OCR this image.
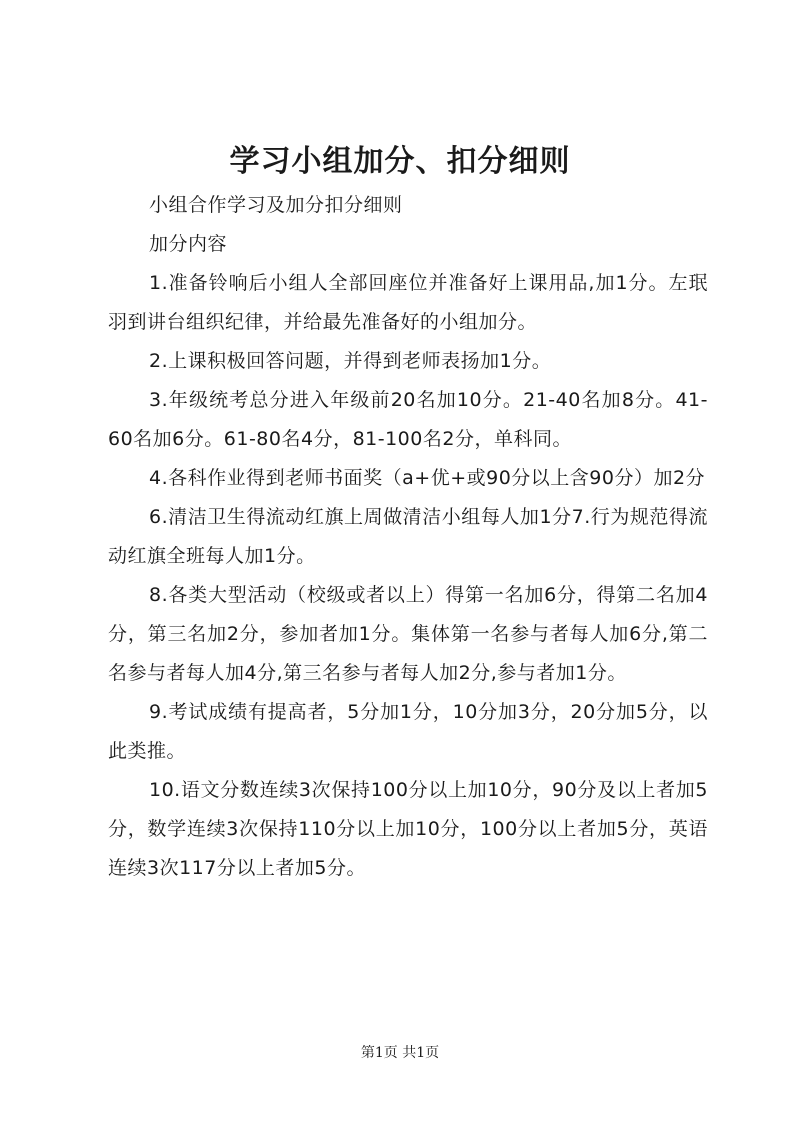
学习小组加分、扣分细则

小组合作学习及加分扣分细则

加分内容

1.准备铃响后小组人全部回座位并准备好上课用品,加1分。左珉羽到讲台组织纪律，并给最先准备好的小组加分。

2.上课积极回答问题，并得到老师表扬加1分。

3.年级统考总分进入年级前20名加10分。21-40名加8分。41-60名加6分。61-80名4分，81-100名2分，单科同。

4.各科作业得到老师书面奖（a+优+或90分以上含90分）加2分

6.清洁卫生得流动红旗上周做清洁小组每人加1分7.行为规范得流动红旗全班每人加1分。

8.各类大型活动（校级或者以上）得第一名加6分，得第二名加4分，第三名加2分，参加者加1分。集体第一名参与者每人加6分,第二名参与者每人加4分,第三名参与者每人加2分,参与者加1分。

9.考试成绩有提高者，5分加1分，10分加3分，20分加5分，以此类推。

10.语文分数连续3次保持100分以上加10分，90分及以上者加5分，数学连续3次保持110分以上加10分，100分以上者加5分，英语连续3次117分以上者加5分。

第1页 共1页
